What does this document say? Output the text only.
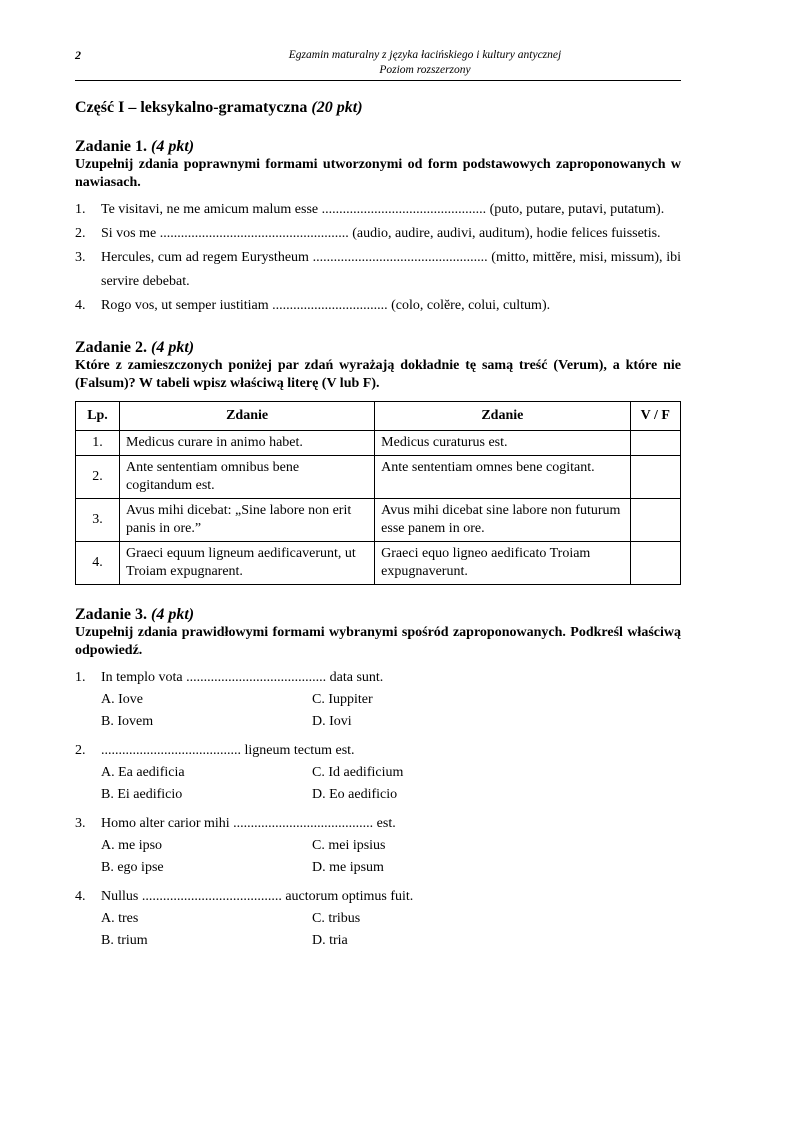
2	Egzamin maturalny z języka łacińskiego i kultury antycznej
Poziom rozszerzony
Część I – leksykalno-gramatyczna (20 pkt)
Zadanie 1. (4 pkt)
Uzupełnij zdania poprawnymi formami utworzonymi od form podstawowych zaproponowanych w nawiasach.
1. Te visitavi, ne me amicum malum esse ............................................... (puto, putare, putavi, putatum).
2. Si vos me ...................................................... (audio, audire, audivi, auditum), hodie felices fuissetis.
3. Hercules, cum ad regem Eurystheum .................................................. (mitto, mittĕre, misi, missum), ibi servire debebat.
4. Rogo vos, ut semper iustitiam ................................. (colo, colĕre, colui, cultum).
Zadanie 2. (4 pkt)
Które z zamieszczonych poniżej par zdań wyrażają dokładnie tę samą treść (Verum), a które nie (Falsum)? W tabeli wpisz właściwą literę (V lub F).
Lp.	Zdanie	Zdanie	V / F
1.	Medicus curare in animo habet.	Medicus curaturus est.	
2.	Ante sententiam omnibus bene cogitandum est.	Ante sententiam omnes bene cogitant.	
3.	Avus mihi dicebat: „Sine labore non erit panis in ore.”	Avus mihi dicebat sine labore non futurum esse panem in ore.	
4.	Graeci equum ligneum aedificaverunt, ut Troiam expugnarent.	Graeci equo ligneo aedificato Troiam expugnaverunt.	
Zadanie 3. (4 pkt)
Uzupełnij zdania prawidłowymi formami wybranymi spośród zaproponowanych. Podkreśl właściwą odpowiedź.
1. In templo vota ........................................ data sunt.
A. Iove	C. Iuppiter
B. Iovem	D. Iovi
2. ........................................ ligneum tectum est.
A. Ea aedificia	C. Id aedificium
B. Ei aedificio	D. Eo aedificio
3. Homo alter carior mihi ........................................ est.
A. me ipso	C. mei ipsius
B. ego ipse	D. me ipsum
4. Nullus ........................................ auctorum optimus fuit.
A. tres	C. tribus
B. trium	D. tria
